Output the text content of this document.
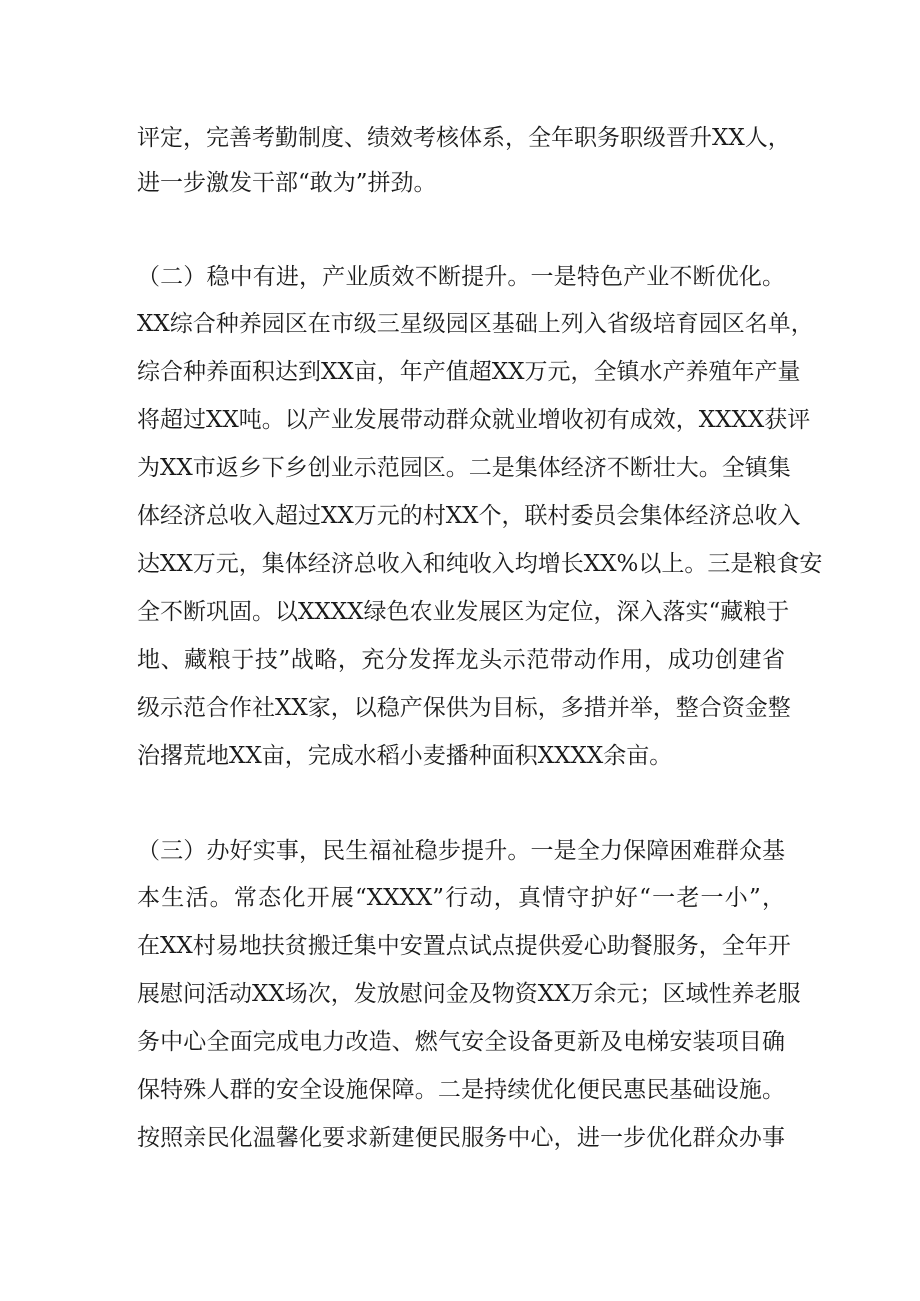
评定，完善考勤制度、绩效考核体系，全年职务职级晋升XX人，
进一步激发干部“敢为”拼劲。
（二）稳中有进，产业质效不断提升。一是特色产业不断优化。
XX综合种养园区在市级三星级园区基础上列入省级培育园区名单，
综合种养面积达到XX亩，年产值超XX万元，全镇水产养殖年产量
将超过XX吨。以产业发展带动群众就业增收初有成效，XXXX获评
为XX市返乡下乡创业示范园区。二是集体经济不断壮大。全镇集
体经济总收入超过XX万元的村XX个，联村委员会集体经济总收入
达XX万元，集体经济总收入和纯收入均增长XX%以上。三是粮食安
全不断巩固。以XXXX绿色农业发展区为定位，深入落实“藏粮于
地、藏粮于技”战略，充分发挥龙头示范带动作用，成功创建省
级示范合作社XX家，以稳产保供为目标，多措并举，整合资金整
治撂荒地XX亩，完成水稻小麦播种面积XXXX余亩。
（三）办好实事，民生福祉稳步提升。一是全力保障困难群众基
本生活。常态化开展“XXXX”行动，真情守护好“一老一小”，
在XX村易地扶贫搬迁集中安置点试点提供爱心助餐服务，全年开
展慰问活动XX场次，发放慰问金及物资XX万余元；区域性养老服
务中心全面完成电力改造、燃气安全设备更新及电梯安装项目确
保特殊人群的安全设施保障。二是持续优化便民惠民基础设施。
按照亲民化温馨化要求新建便民服务中心，进一步优化群众办事
